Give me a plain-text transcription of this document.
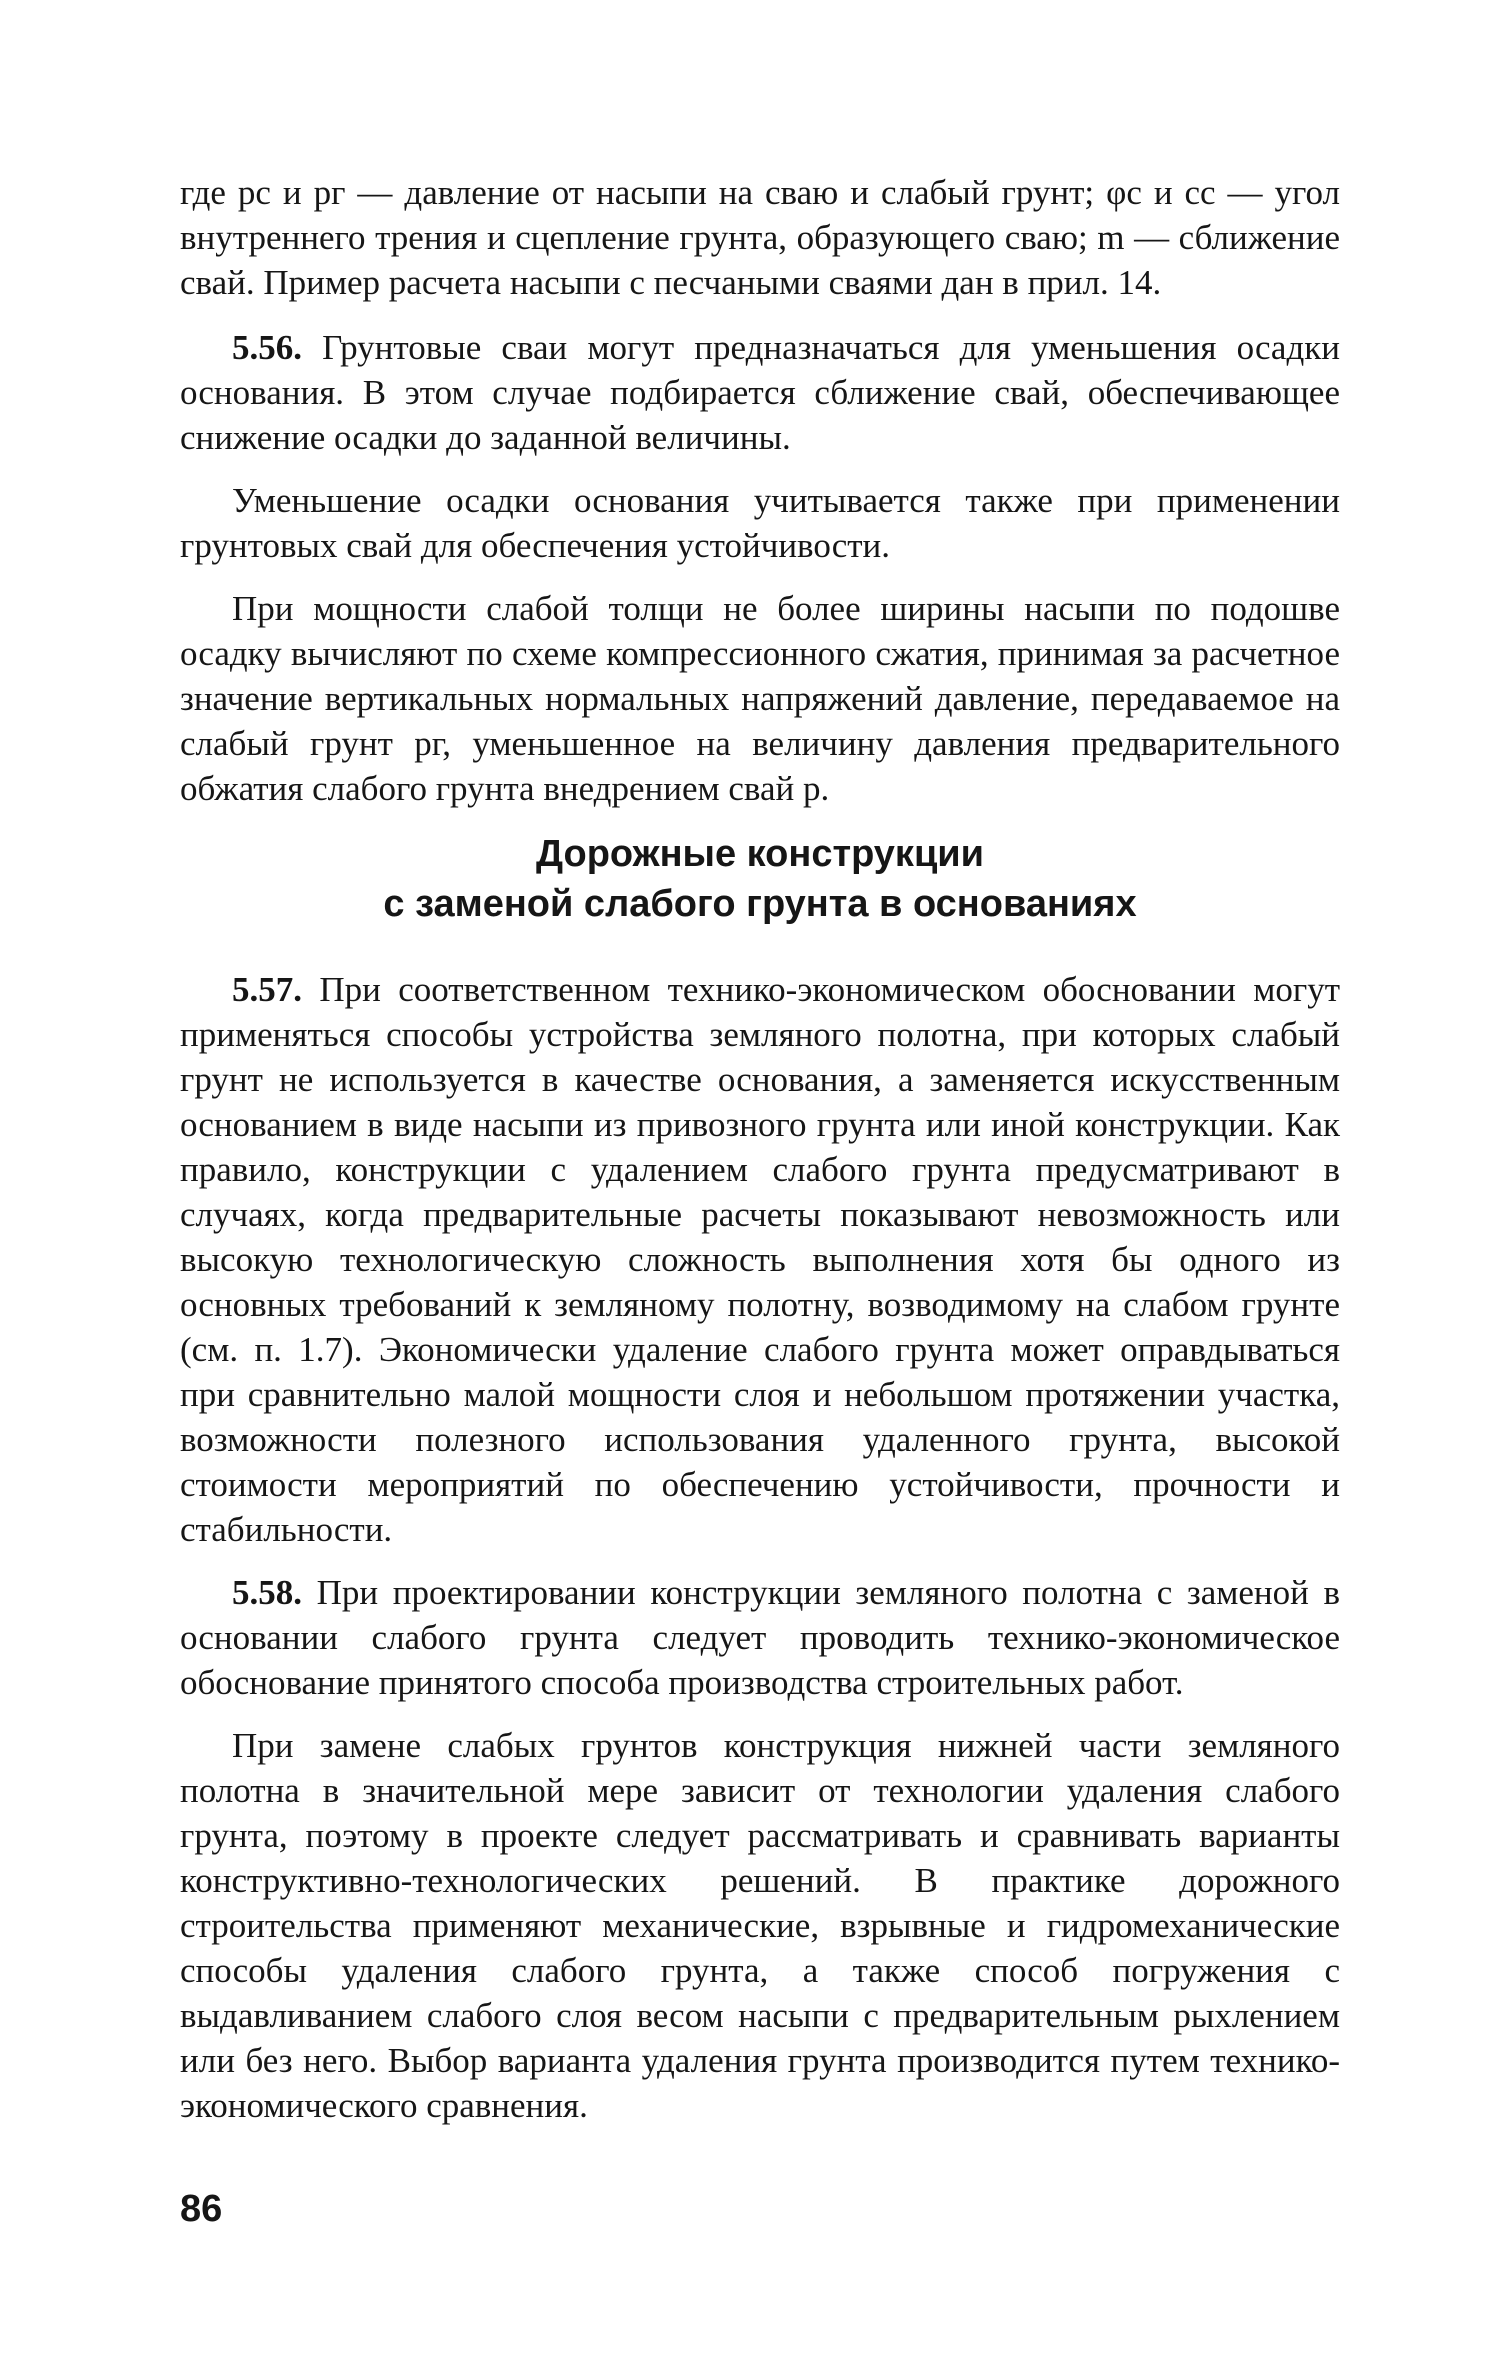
где pс и pг — давление от насыпи на сваю и слабый грунт; φс и cс — угол внутреннего трения и сцепление грунта, образующего сваю; m — сближение свай. Пример расчета насыпи с песчаными сваями дан в прил. 14.

5.56. Грунтовые сваи могут предназначаться для уменьшения осадки основания. В этом случае подбирается сближение свай, обеспечивающее снижение осадки до заданной величины.

Уменьшение осадки основания учитывается также при применении грунтовых свай для обеспечения устойчивости.

При мощности слабой толщи не более ширины насыпи по подошве осадку вычисляют по схеме компрессионного сжатия, принимая за расчетное значение вертикальных нормальных напряжений давление, передаваемое на слабый грунт pг, уменьшенное на величину давления предварительного обжатия слабого грунта внедрением свай p.

Дорожные конструкции
с заменой слабого грунта в основаниях

5.57. При соответственном технико-экономическом обосновании могут применяться способы устройства земляного полотна, при которых слабый грунт не используется в качестве основания, а заменяется искусственным основанием в виде насыпи из привозного грунта или иной конструкции. Как правило, конструкции с удалением слабого грунта предусматривают в случаях, когда предварительные расчеты показывают невозможность или высокую технологическую сложность выполнения хотя бы одного из основных требований к земляному полотну, возводимому на слабом грунте (см. п. 1.7). Экономически удаление слабого грунта может оправдываться при сравнительно малой мощности слоя и небольшом протяжении участка, возможности полезного использования удаленного грунта, высокой стоимости мероприятий по обеспечению устойчивости, прочности и стабильности.

5.58. При проектировании конструкции земляного полотна с заменой в основании слабого грунта следует проводить технико-экономическое обоснование принятого способа производства строительных работ.

При замене слабых грунтов конструкция нижней части земляного полотна в значительной мере зависит от технологии удаления слабого грунта, поэтому в проекте следует рассматривать и сравнивать варианты конструктивно-технологических решений. В практике дорожного строительства применяют механические, взрывные и гидромеханические способы удаления слабого грунта, а также способ погружения с выдавливанием слабого слоя весом насыпи с предварительным рыхлением или без него. Выбор варианта удаления грунта производится путем технико-экономического сравнения.

86
